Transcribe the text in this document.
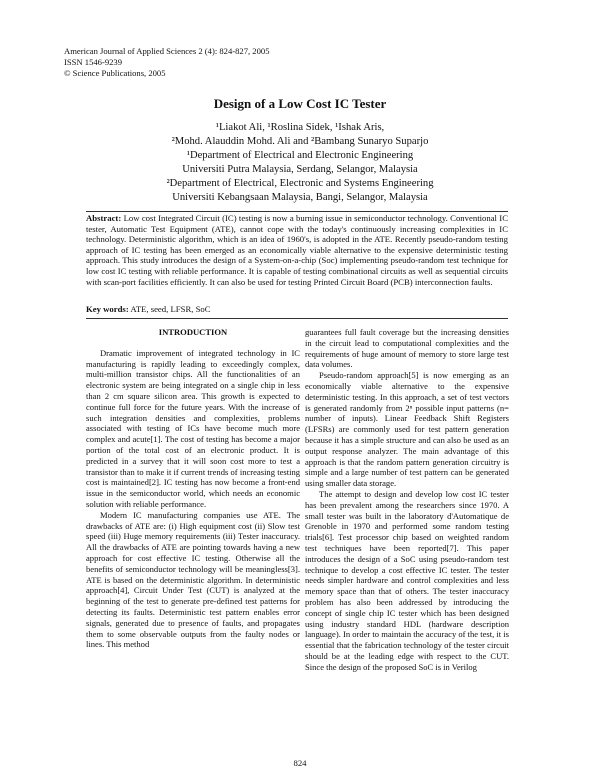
American Journal of Applied Sciences 2 (4): 824-827, 2005
ISSN 1546-9239
© Science Publications, 2005
Design of a Low Cost IC Tester
¹Liakot Ali, ¹Roslina Sidek, ¹Ishak Aris,
²Mohd. Alauddin Mohd. Ali and ²Bambang Sunaryo Suparjo
¹Department of Electrical and Electronic Engineering
Universiti Putra Malaysia, Serdang, Selangor, Malaysia
²Department of Electrical, Electronic and Systems Engineering
Universiti Kebangsaan Malaysia, Bangi, Selangor, Malaysia
Abstract: Low cost Integrated Circuit (IC) testing is now a burning issue in semiconductor technology. Conventional IC tester, Automatic Test Equipment (ATE), cannot cope with the today's continuously increasing complexities in IC technology. Deterministic algorithm, which is an idea of 1960's, is adopted in the ATE. Recently pseudo-random testing approach of IC testing has been emerged as an economically viable alternative to the expensive deterministic testing approach. This study introduces the design of a System-on-a-chip (Soc) implementing pseudo-random test technique for low cost IC testing with reliable performance. It is capable of testing combinational circuits as well as sequential circuits with scan-port facilities efficiently. It can also be used for testing Printed Circuit Board (PCB) interconnection faults.
Key words: ATE, seed, LFSR, SoC

INTRODUCTION

Dramatic improvement of integrated technology in IC manufacturing is rapidly leading to exceedingly complex, multi-million transistor chips. All the functionalities of an electronic system are being integrated on a single chip in less than 2 cm square silicon area. This growth is expected to continue full force for the future years. With the increase of such integration densities and complexities, problems associated with testing of ICs have become much more complex and acute[1]. The cost of testing has become a major portion of the total cost of an electronic product. It is predicted in a survey that it will soon cost more to test a transistor than to make it if current trends of increasing testing cost is maintained[2]. IC testing has now become a front-end issue in the semiconductor world, which needs an economic solution with reliable performance.

Modern IC manufacturing companies use ATE. The drawbacks of ATE are: (i) High equipment cost (ii) Slow test speed (iii) Huge memory requirements (iii) Tester inaccuracy. All the drawbacks of ATE are pointing towards having a new approach for cost effective IC testing. Otherwise all the benefits of semiconductor technology will be meaningless[3]. ATE is based on the deterministic algorithm. In deterministic approach[4], Circuit Under Test (CUT) is analyzed at the beginning of the test to generate pre-defined test patterns for detecting its faults. Deterministic test pattern enables error signals, generated due to presence of faults, and propagates them to some observable outputs from the faulty nodes or lines. This method

guarantees full fault coverage but the increasing densities in the circuit lead to computational complexities and the requirements of huge amount of memory to store large test data volumes.

Pseudo-random approach[5] is now emerging as an economically viable alternative to the expensive deterministic testing. In this approach, a set of test vectors is generated randomly from 2ⁿ possible input patterns (n= number of inputs). Linear Feedback Shift Registers (LFSRs) are commonly used for test pattern generation because it has a simple structure and can also be used as an output response analyzer. The main advantage of this approach is that the random pattern generation circuitry is simple and a large number of test pattern can be generated using smaller data storage.

The attempt to design and develop low cost IC tester has been prevalent among the researchers since 1970. A small tester was built in the laboratory d'Automatique de Grenoble in 1970 and performed some random testing trials[6]. Test processor chip based on weighted random test techniques have been reported[7]. This paper introduces the design of a SoC using pseudo-random test technique to develop a cost effective IC tester. The tester needs simpler hardware and control complexities and less memory space than that of others. The tester inaccuracy problem has also been addressed by introducing the concept of single chip IC tester which has been designed using industry standard HDL (hardware description language). In order to maintain the accuracy of the test, it is essential that the fabrication technology of the tester circuit should be at the leading edge with respect to the CUT. Since the design of the proposed SoC is in Verilog

824
